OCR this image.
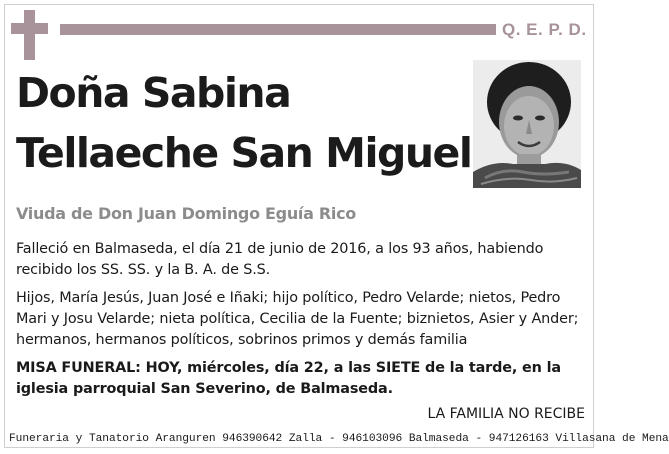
Q. E. P. D.
Doña Sabina
Tellaeche San Miguel
Viuda de Don Juan Domingo Eguía Rico
Falleció en Balmaseda, el día 21 de junio de 2016, a los 93 años, habiendo recibido los SS. SS. y la B. A. de S.S.
Hijos, María Jesús, Juan José e Iñaki; hijo político, Pedro Velarde; nietos, Pedro Mari y Josu Velarde; nieta política, Cecilia de la Fuente; biznietos, Asier y Ander; hermanos, hermanos políticos, sobrinos primos y demás familia
MISA FUNERAL: HOY, miércoles, día 22, a las SIETE de la tarde, en la iglesia parroquial San Severino, de Balmaseda.
LA FAMILIA NO RECIBE
Funeraria y Tanatorio Aranguren 946390642 Zalla - 946103096 Balmaseda - 947126163 Villasana de Mena
